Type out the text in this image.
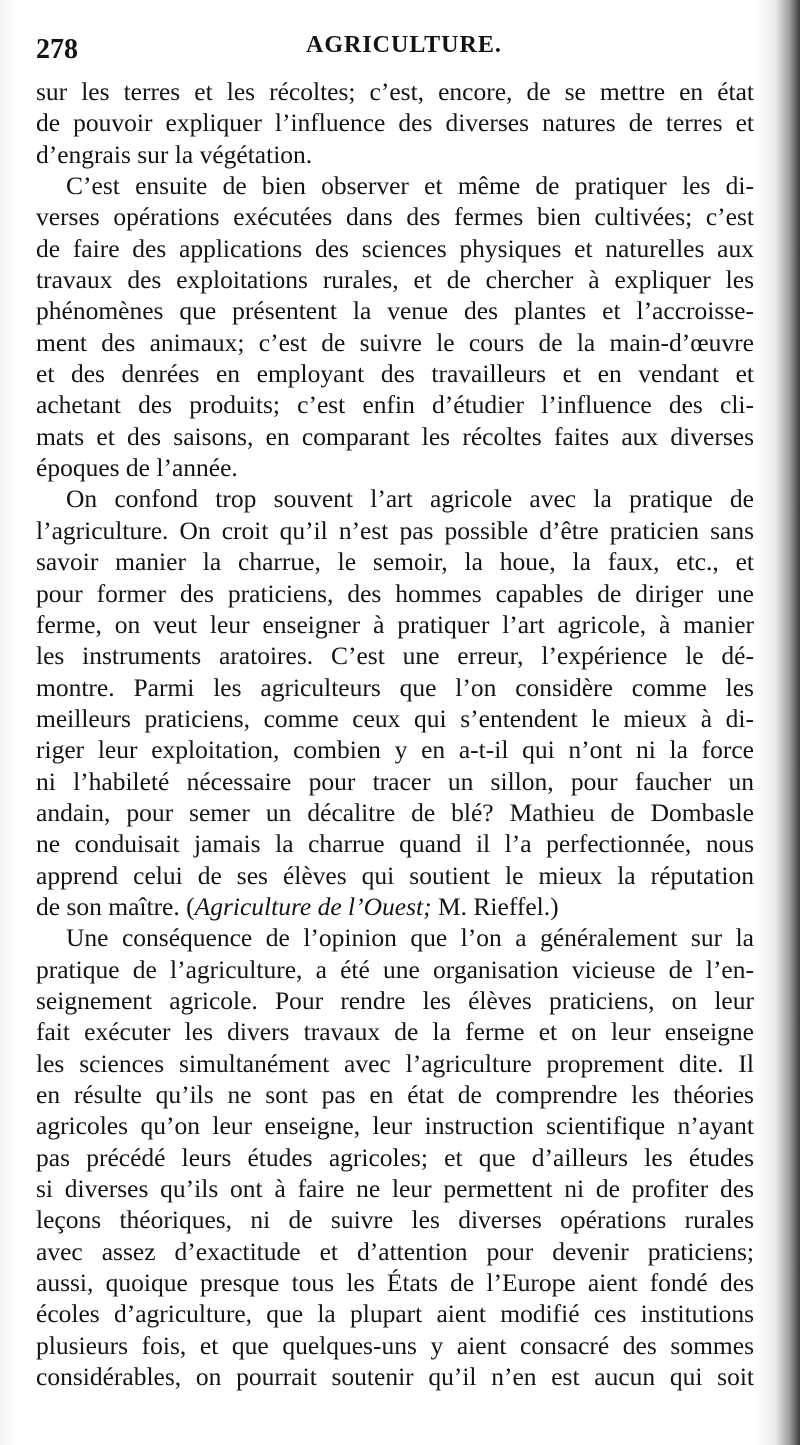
278	AGRICULTURE.

sur les terres et les récoltes; c’est, encore, de se mettre en état
de pouvoir expliquer l’influence des diverses natures de terres et
d’engrais sur la végétation.

C’est ensuite de bien observer et même de pratiquer les di-
verses opérations exécutées dans des fermes bien cultivées; c’est
de faire des applications des sciences physiques et naturelles aux
travaux des exploitations rurales, et de chercher à expliquer les
phénomènes que présentent la venue des plantes et l’accroisse-
ment des animaux; c’est de suivre le cours de la main-d’œuvre
et des denrées en employant des travailleurs et en vendant et
achetant des produits; c’est enfin d’étudier l’influence des cli-
mats et des saisons, en comparant les récoltes faites aux diverses
époques de l’année.

On confond trop souvent l’art agricole avec la pratique de
l’agriculture. On croit qu’il n’est pas possible d’être praticien sans
savoir manier la charrue, le semoir, la houe, la faux, etc., et
pour former des praticiens, des hommes capables de diriger une
ferme, on veut leur enseigner à pratiquer l’art agricole, à manier
les instruments aratoires. C’est une erreur, l’expérience le dé-
montre. Parmi les agriculteurs que l’on considère comme les
meilleurs praticiens, comme ceux qui s’entendent le mieux à di-
riger leur exploitation, combien y en a-t-il qui n’ont ni la force
ni l’habileté nécessaire pour tracer un sillon, pour faucher un
andain, pour semer un décalitre de blé? Mathieu de Dombasle
ne conduisait jamais la charrue quand il l’a perfectionnée, nous
apprend celui de ses élèves qui soutient le mieux la réputation
de son maître. (Agriculture de l’Ouest; M. Rieffel.)

Une conséquence de l’opinion que l’on a généralement sur la
pratique de l’agriculture, a été une organisation vicieuse de l’en-
seignement agricole. Pour rendre les élèves praticiens, on leur
fait exécuter les divers travaux de la ferme et on leur enseigne
les sciences simultanément avec l’agriculture proprement dite. Il
en résulte qu’ils ne sont pas en état de comprendre les théories
agricoles qu’on leur enseigne, leur instruction scientifique n’ayant
pas précédé leurs études agricoles; et que d’ailleurs les études
si diverses qu’ils ont à faire ne leur permettent ni de profiter des
leçons théoriques, ni de suivre les diverses opérations rurales
avec assez d’exactitude et d’attention pour devenir praticiens;
aussi, quoique presque tous les États de l’Europe aient fondé des
écoles d’agriculture, que la plupart aient modifié ces institutions
plusieurs fois, et que quelques-uns y aient consacré des sommes
considérables, on pourrait soutenir qu’il n’en est aucun qui soit
